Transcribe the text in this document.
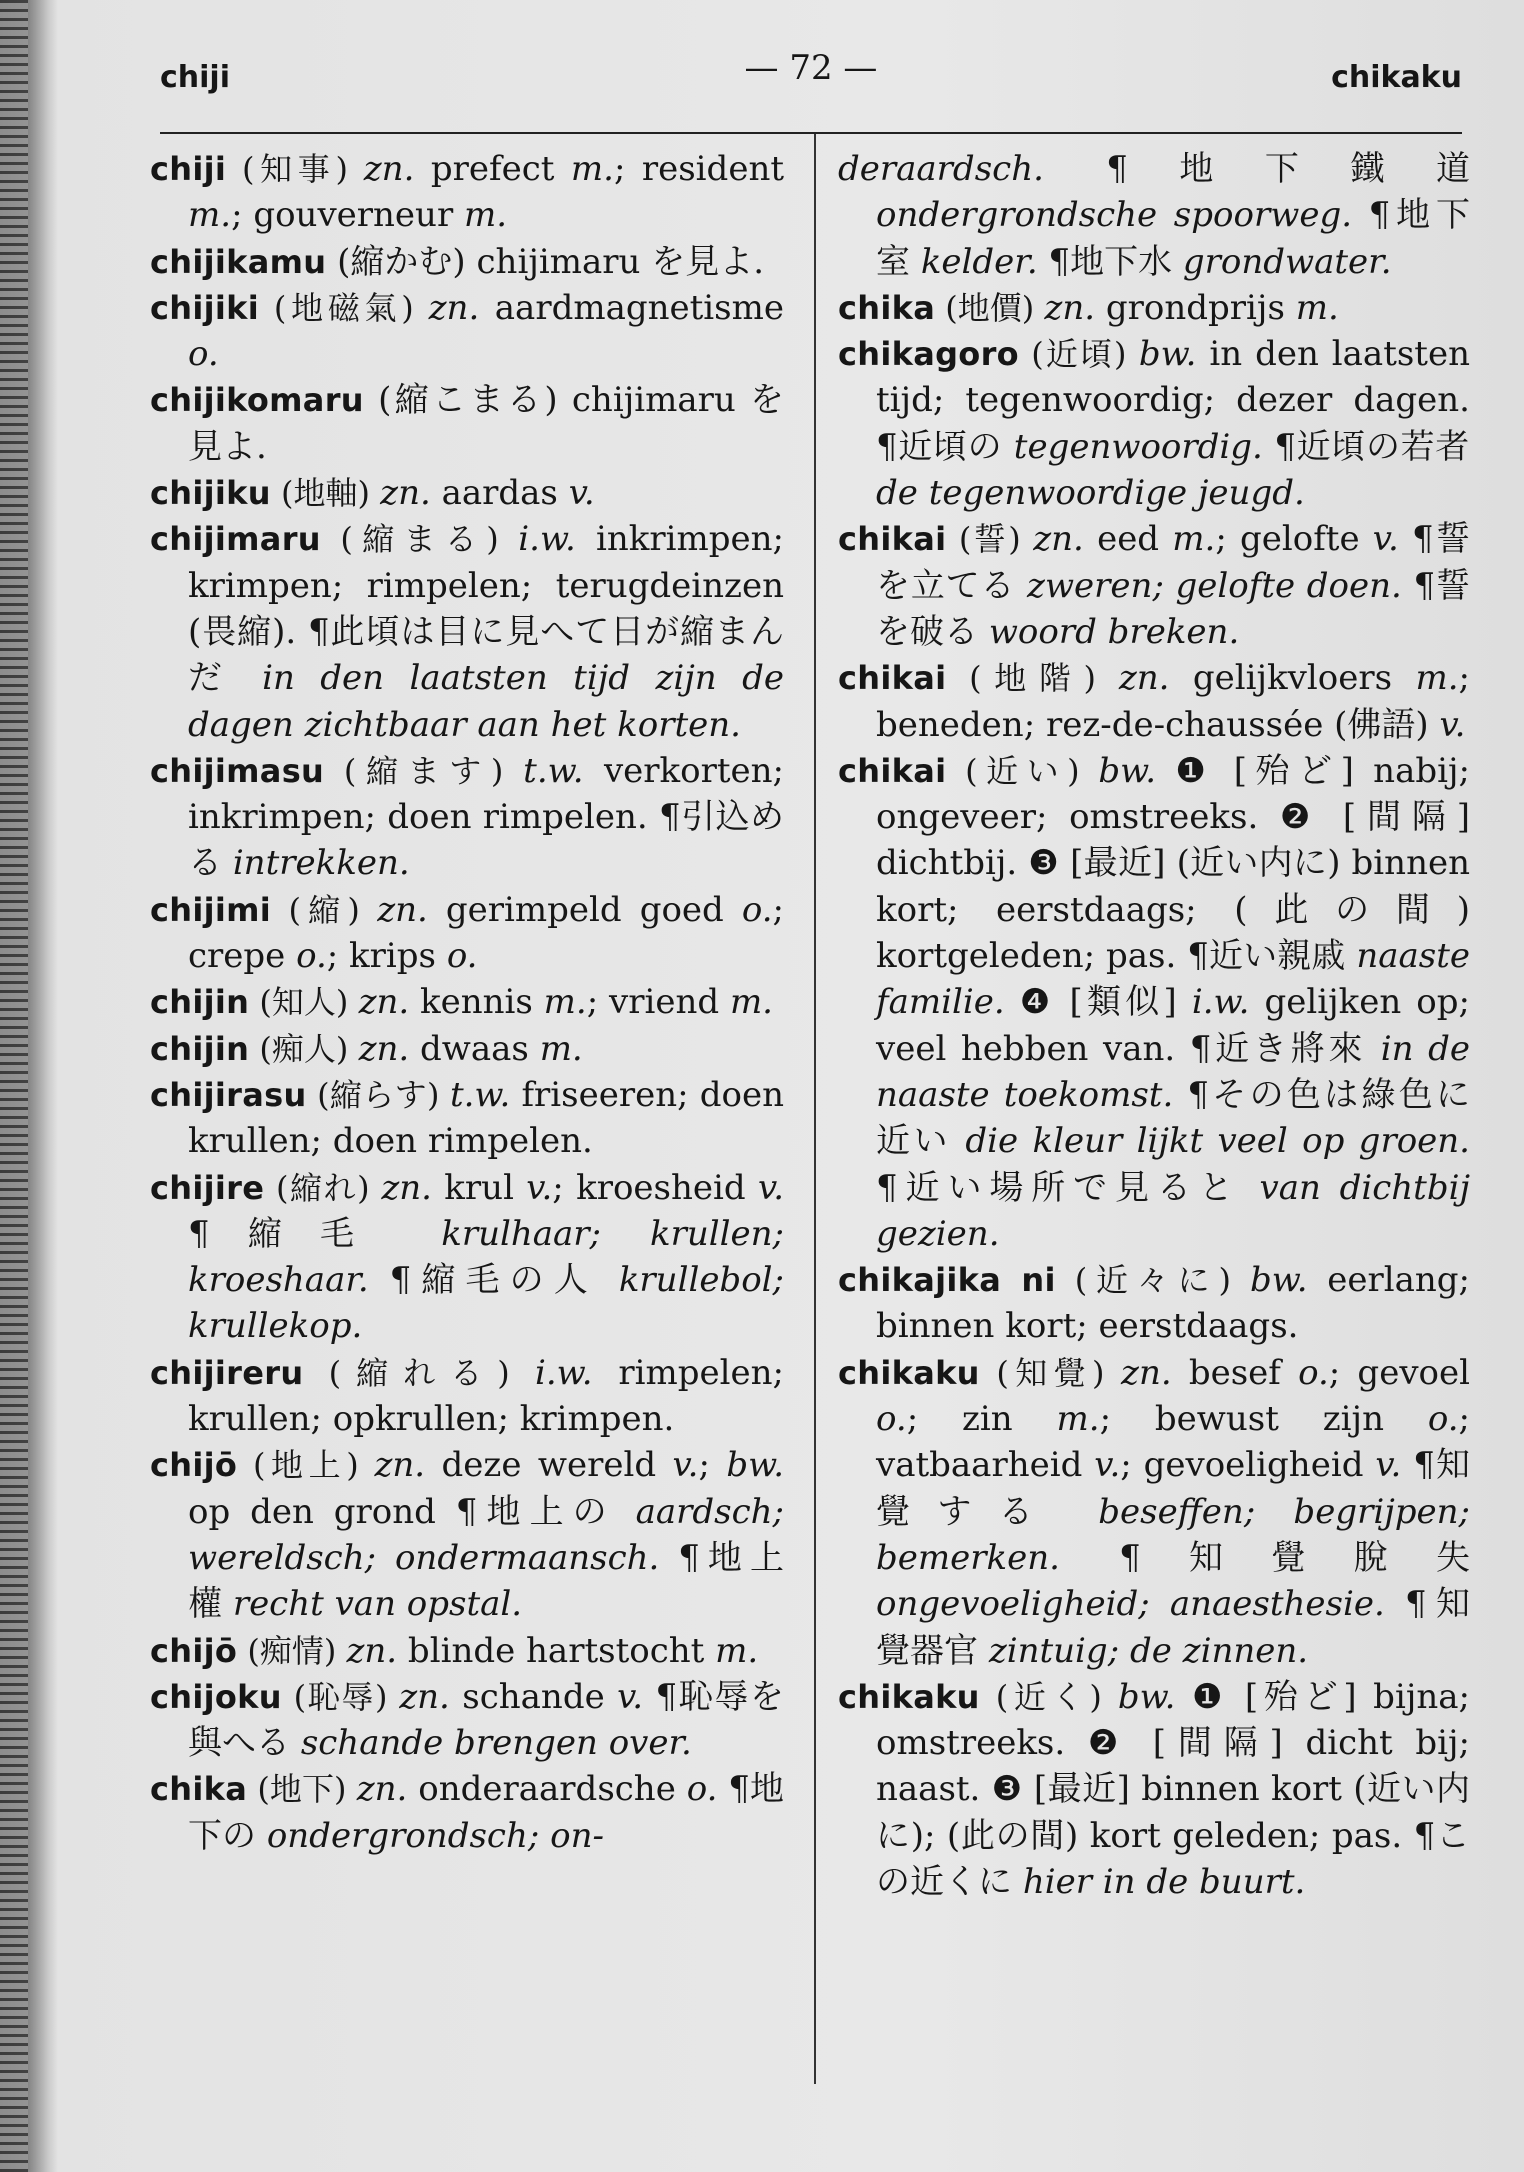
chiji	— 72 —	chikaku

chiji (知事) zn. prefect m.; resident m.; gouverneur m.

chijikamu (縮かむ) chijimaru を見よ.

chijiki (地磁氣) zn. aardmagnetisme o.

chijikomaru (縮こまる) chijimaru を見よ.

chijiku (地軸) zn. aardas v.

chijimaru (縮まる) i.w. inkrimpen; krimpen; rimpelen; terugdeinzen (畏縮). ¶此頃は目に見へて日が縮まんだ in den laatsten tijd zijn de dagen zichtbaar aan het korten.

chijimasu (縮ます) t.w. verkorten; inkrimpen; doen rimpelen. ¶引込める intrekken.

chijimi (縮) zn. gerimpeld goed o.; crepe o.; krips o.

chijin (知人) zn. kennis m.; vriend m.

chijin (痴人) zn. dwaas m.

chijirasu (縮らす) t.w. friseeren; doen krullen; doen rimpelen.

chijire (縮れ) zn. krul v.; kroesheid v. ¶縮毛 krulhaar; krullen; kroeshaar. ¶縮毛の人 krullebol; krullekop.

chijireru (縮れる) i.w. rimpelen; krullen; opkrullen; krimpen.

chijō (地上) zn. deze wereld v.; bw. op den grond ¶地上の aardsch; wereldsch; ondermaansch. ¶地上權 recht van opstal.

chijō (痴情) zn. blinde hartstocht m.

chijoku (恥辱) zn. schande v. ¶恥辱を與へる schande brengen over.

chika (地下) zn. onderaardsche o. ¶地下の ondergrondsch; on-

deraardsch. ¶地下鐵道 ondergrondsche spoorweg. ¶地下室 kelder. ¶地下水 grondwater.

chika (地價) zn. grondprijs m.

chikagoro (近頃) bw. in den laatsten tijd; tegenwoordig; dezer dagen. ¶近頃の tegenwoordig. ¶近頃の若者 de tegenwoordige jeugd.

chikai (誓) zn. eed m.; gelofte v. ¶誓を立てる zweren; gelofte doen. ¶誓を破る woord breken.

chikai (地階) zn. gelijkvloers m.; beneden; rez-de-chaussée (佛語) v.

chikai (近い) bw. ❶ [殆ど] nabij; ongeveer; omstreeks. ❷ [間隔] dichtbij. ❸ [最近] (近い内に) binnen kort; eerstdaags; (此の間) kortgeleden; pas. ¶近い親戚 naaste familie. ❹ [類似] i.w. gelijken op; veel hebben van. ¶近き將來 in de naaste toekomst. ¶その色は綠色に近い die kleur lijkt veel op groen. ¶近い場所で見ると van dichtbij gezien.

chikajika ni (近々に) bw. eerlang; binnen kort; eerstdaags.

chikaku (知覺) zn. besef o.; gevoel o.; zin m.; bewust zijn o.; vatbaarheid v.; gevoeligheid v. ¶知覺する beseffen; begrijpen; bemerken. ¶知覺脫失 ongevoeligheid; anaesthesie. ¶知覺器官 zintuig; de zinnen.

chikaku (近く) bw. ❶ [殆ど] bijna; omstreeks. ❷ [間隔] dicht bij; naast. ❸ [最近] binnen kort (近い内に); (此の間) kort geleden; pas. ¶この近くに hier in de buurt.
